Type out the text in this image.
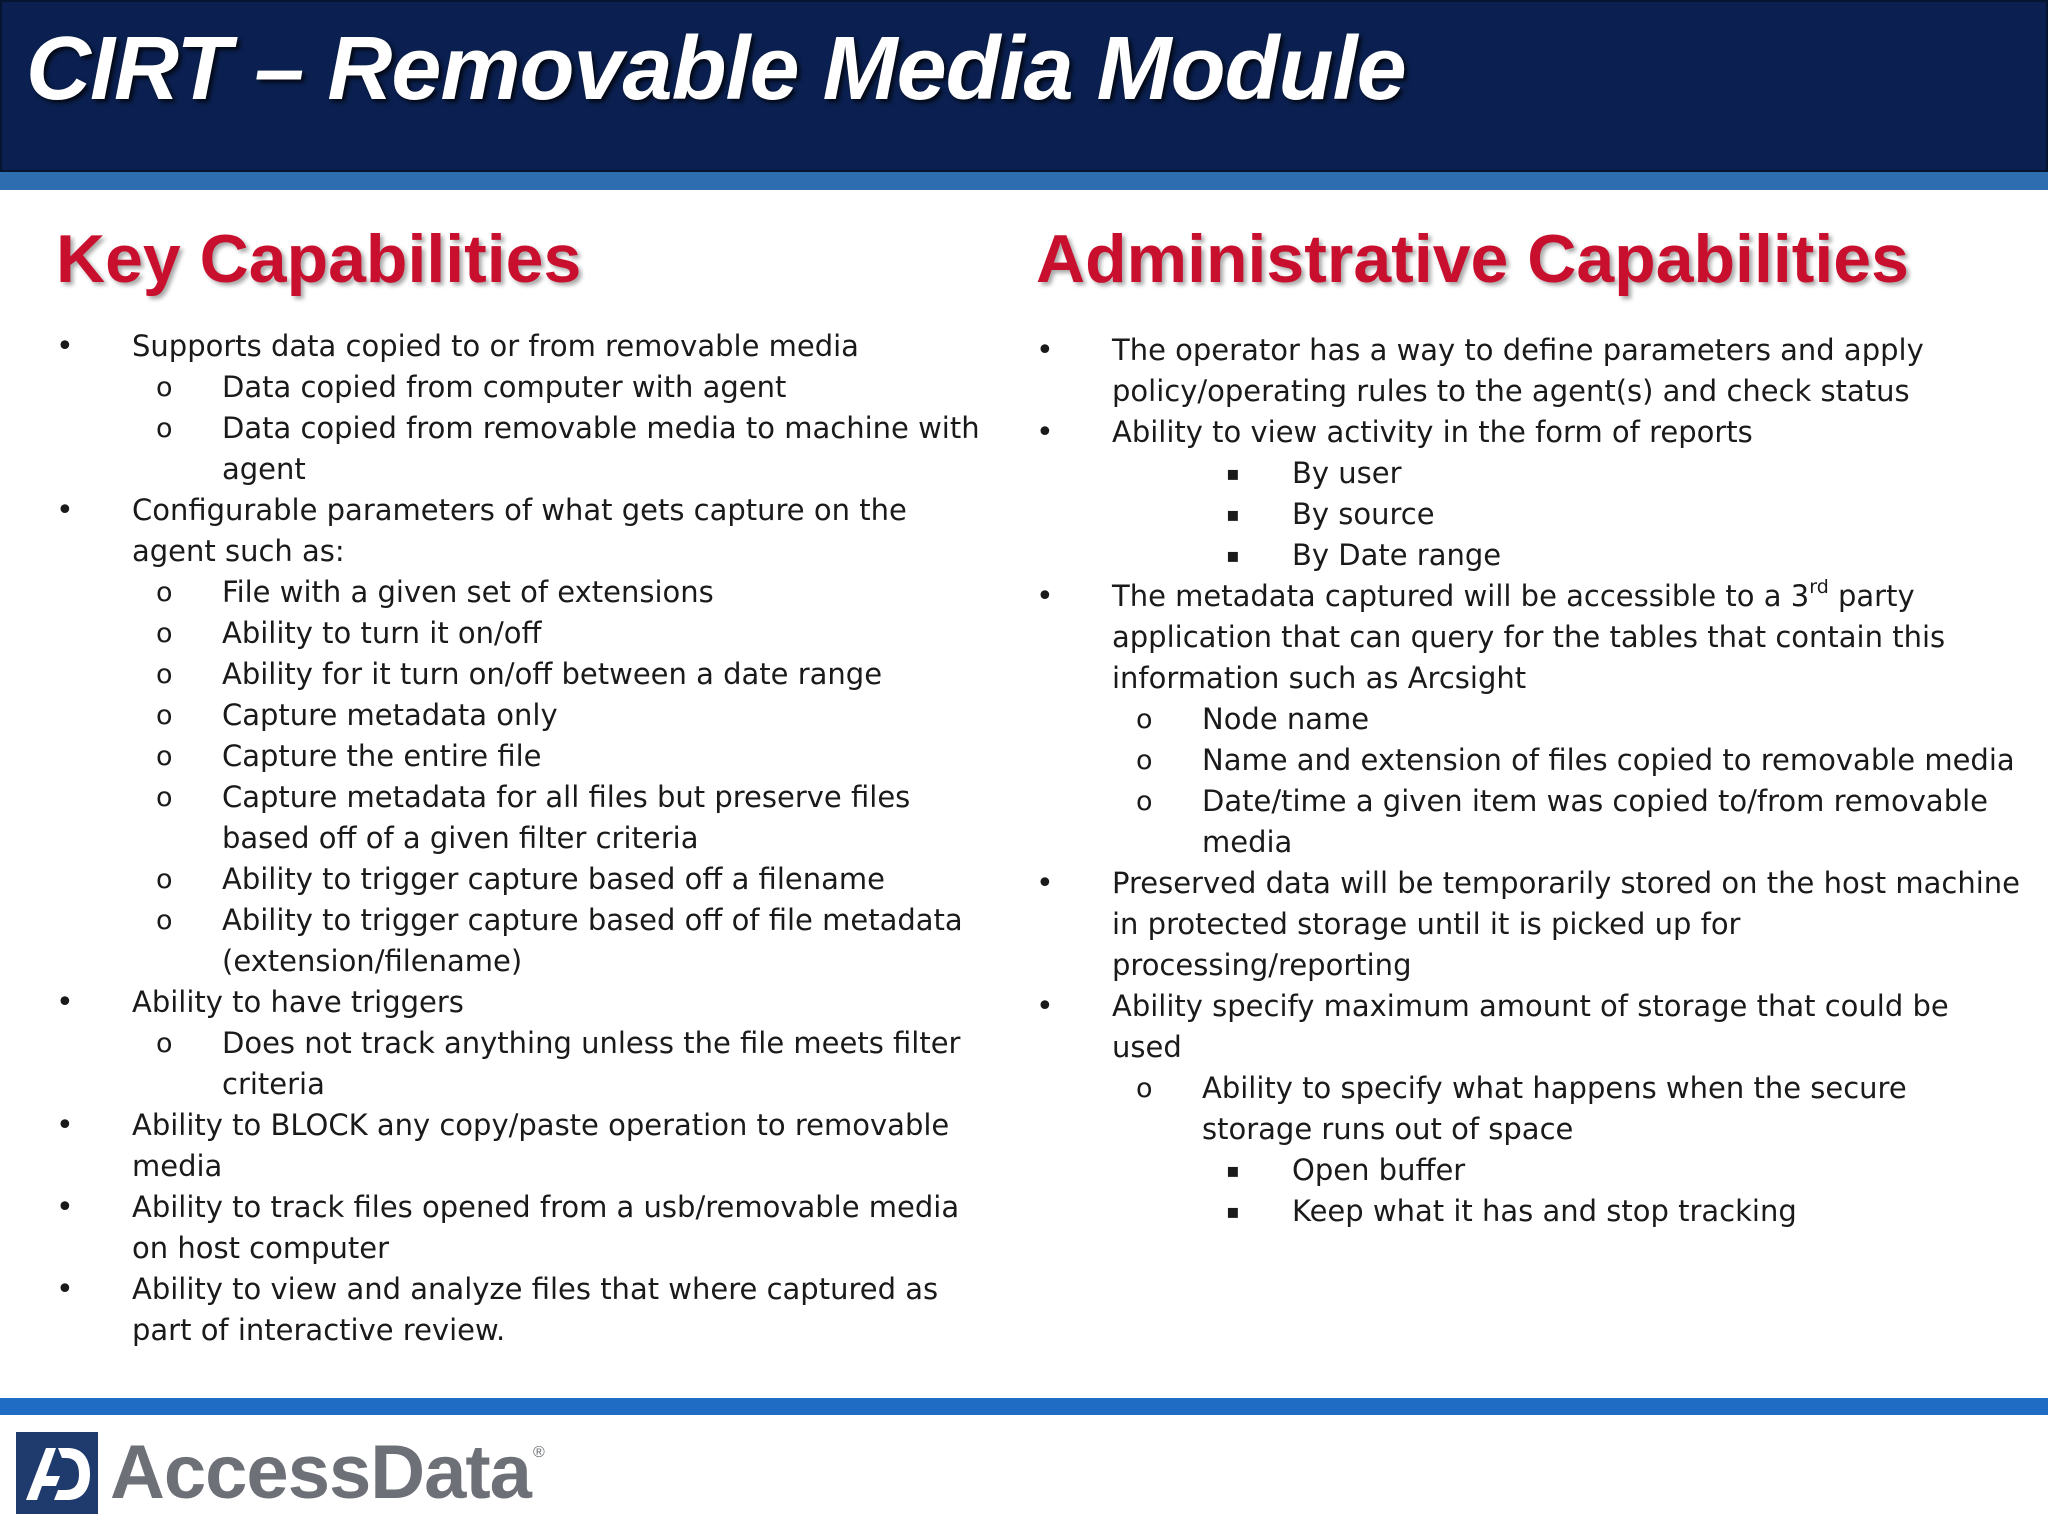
CIRT – Removable Media Module
Key Capabilities
• Supports data copied to or from removable media
o Data copied from computer with agent
o Data copied from removable media to machine with
agent
• Configurable parameters of what gets capture on the
agent such as:
o File with a given set of extensions
o Ability to turn it on/off
o Ability for it turn on/off between a date range
o Capture metadata only
o Capture the entire file
o Capture metadata for all files but preserve files
based off of a given filter criteria
o Ability to trigger capture based off a filename
o Ability to trigger capture based off of file metadata
(extension/filename)
• Ability to have triggers
o Does not track anything unless the file meets filter
criteria
• Ability to BLOCK any copy/paste operation to removable
media
• Ability to track files opened from a usb/removable media
on host computer
• Ability to view and analyze files that where captured as
part of interactive review.
Administrative Capabilities
• The operator has a way to define parameters and apply
policy/operating rules to the agent(s) and check status
• Ability to view activity in the form of reports
▪ By user
▪ By source
▪ By Date range
• The metadata captured will be accessible to a 3rd party
application that can query for the tables that contain this
information such as Arcsight
o Node name
o Name and extension of files copied to removable media
o Date/time a given item was copied to/from removable
media
• Preserved data will be temporarily stored on the host machine
in protected storage until it is picked up for
processing/reporting
• Ability specify maximum amount of storage that could be
used
o Ability to specify what happens when the secure
storage runs out of space
▪ Open buffer
▪ Keep what it has and stop tracking
AccessData ®
